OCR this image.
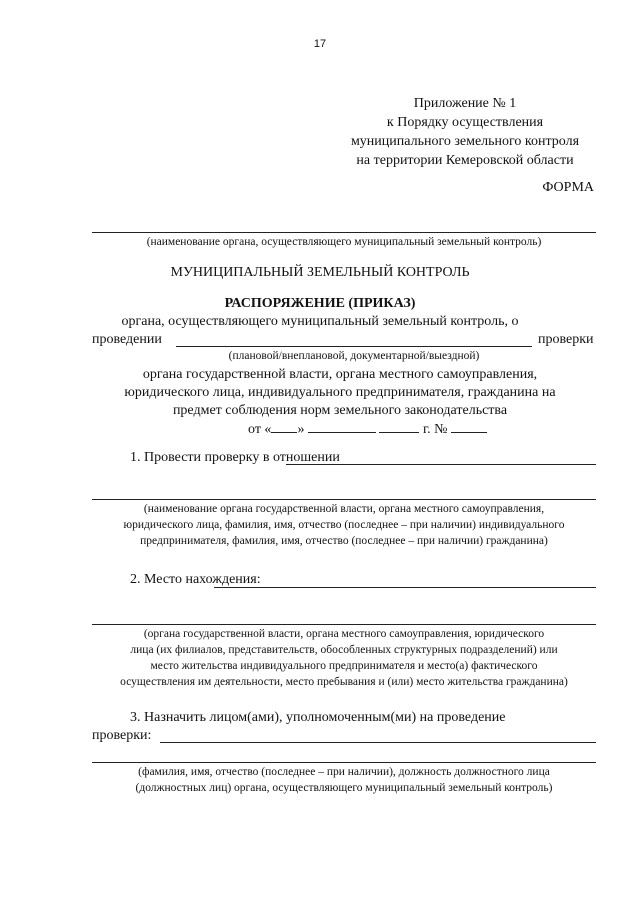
17
Приложение № 1
к Порядку осуществления
муниципального земельного контроля
на территории Кемеровской области
ФОРМА
(наименование органа, осуществляющего муниципальный земельный контроль)
МУНИЦИПАЛЬНЫЙ ЗЕМЕЛЬНЫЙ КОНТРОЛЬ
РАСПОРЯЖЕНИЕ (ПРИКАЗ)
органа, осуществляющего муниципальный земельный контроль, о
проведении	проверки
(плановой/внеплановой, документарной/выездной)
органа государственной власти, органа местного самоуправления,
юридического лица, индивидуального предпринимателя, гражданина на
предмет соблюдения норм земельного законодательства
от « »	г. №
1. Провести проверку в отношении
(наименование органа государственной власти, органа местного самоуправления,
юридического лица, фамилия, имя, отчество (последнее – при наличии) индивидуального
предпринимателя, фамилия, имя, отчество (последнее – при наличии) гражданина)
2. Место нахождения:
(органа государственной власти, органа местного самоуправления, юридического
лица (их филиалов, представительств, обособленных структурных подразделений) или
место жительства индивидуального предпринимателя и место(а) фактического
осуществления им деятельности, место пребывания и (или) место жительства гражданина)
3. Назначить лицом(ами), уполномоченным(ми) на проведение
проверки:
(фамилия, имя, отчество (последнее – при наличии), должность должностного лица
(должностных лиц) органа, осуществляющего муниципальный земельный контроль)
